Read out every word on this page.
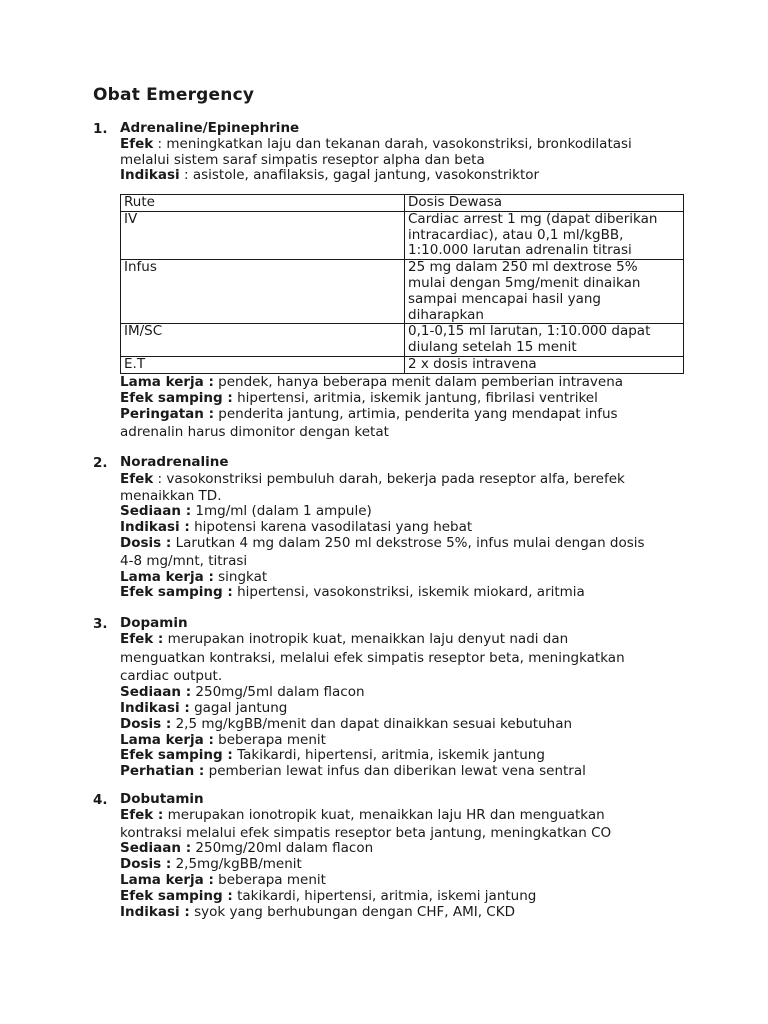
Obat Emergency
1. Adrenaline/Epinephrine
Efek : meningkatkan laju dan tekanan darah, vasokonstriksi, bronkodilatasi
melalui sistem saraf simpatis reseptor alpha dan beta
Indikasi : asistole, anafilaksis, gagal jantung, vasokonstriktor
Rute	Dosis Dewasa
IV	Cardiac arrest 1 mg (dapat diberikan
intracardiac), atau 0,1 ml/kgBB,
1:10.000 larutan adrenalin titrasi

Infus	25 mg dalam 250 ml dextrose 5%
mulai dengan 5mg/menit dinaikan
sampai mencapai hasil yang
diharapkan

IM/SC	0,1-0,15 ml larutan, 1:10.000 dapat
diulang setelah 15 menit

E.T	2 x dosis intravena
Lama kerja : pendek, hanya beberapa menit dalam pemberian intravena
Efek samping : hipertensi, aritmia, iskemik jantung, fibrilasi ventrikel
Peringatan : penderita jantung, artimia, penderita yang mendapat infus
adrenalin harus dimonitor dengan ketat
2. Noradrenaline
Efek : vasokonstriksi pembuluh darah, bekerja pada reseptor alfa, berefek
menaikkan TD.
Sediaan : 1mg/ml (dalam 1 ampule)
Indikasi : hipotensi karena vasodilatasi yang hebat
Dosis : Larutkan 4 mg dalam 250 ml dekstrose 5%, infus mulai dengan dosis
4-8 mg/mnt, titrasi
Lama kerja : singkat
Efek samping : hipertensi, vasokonstriksi, iskemik miokard, aritmia
3. Dopamin
Efek : merupakan inotropik kuat, menaikkan laju denyut nadi dan
menguatkan kontraksi, melalui efek simpatis reseptor beta, meningkatkan
cardiac output.
Sediaan : 250mg/5ml dalam flacon
Indikasi : gagal jantung
Dosis : 2,5 mg/kgBB/menit dan dapat dinaikkan sesuai kebutuhan
Lama kerja : beberapa menit
Efek samping : Takikardi, hipertensi, aritmia, iskemik jantung
Perhatian : pemberian lewat infus dan diberikan lewat vena sentral
4. Dobutamin
Efek : merupakan ionotropik kuat, menaikkan laju HR dan menguatkan
kontraksi melalui efek simpatis reseptor beta jantung, meningkatkan CO
Sediaan : 250mg/20ml dalam flacon
Dosis : 2,5mg/kgBB/menit
Lama kerja : beberapa menit
Efek samping : takikardi, hipertensi, aritmia, iskemi jantung
Indikasi : syok yang berhubungan dengan CHF, AMI, CKD
